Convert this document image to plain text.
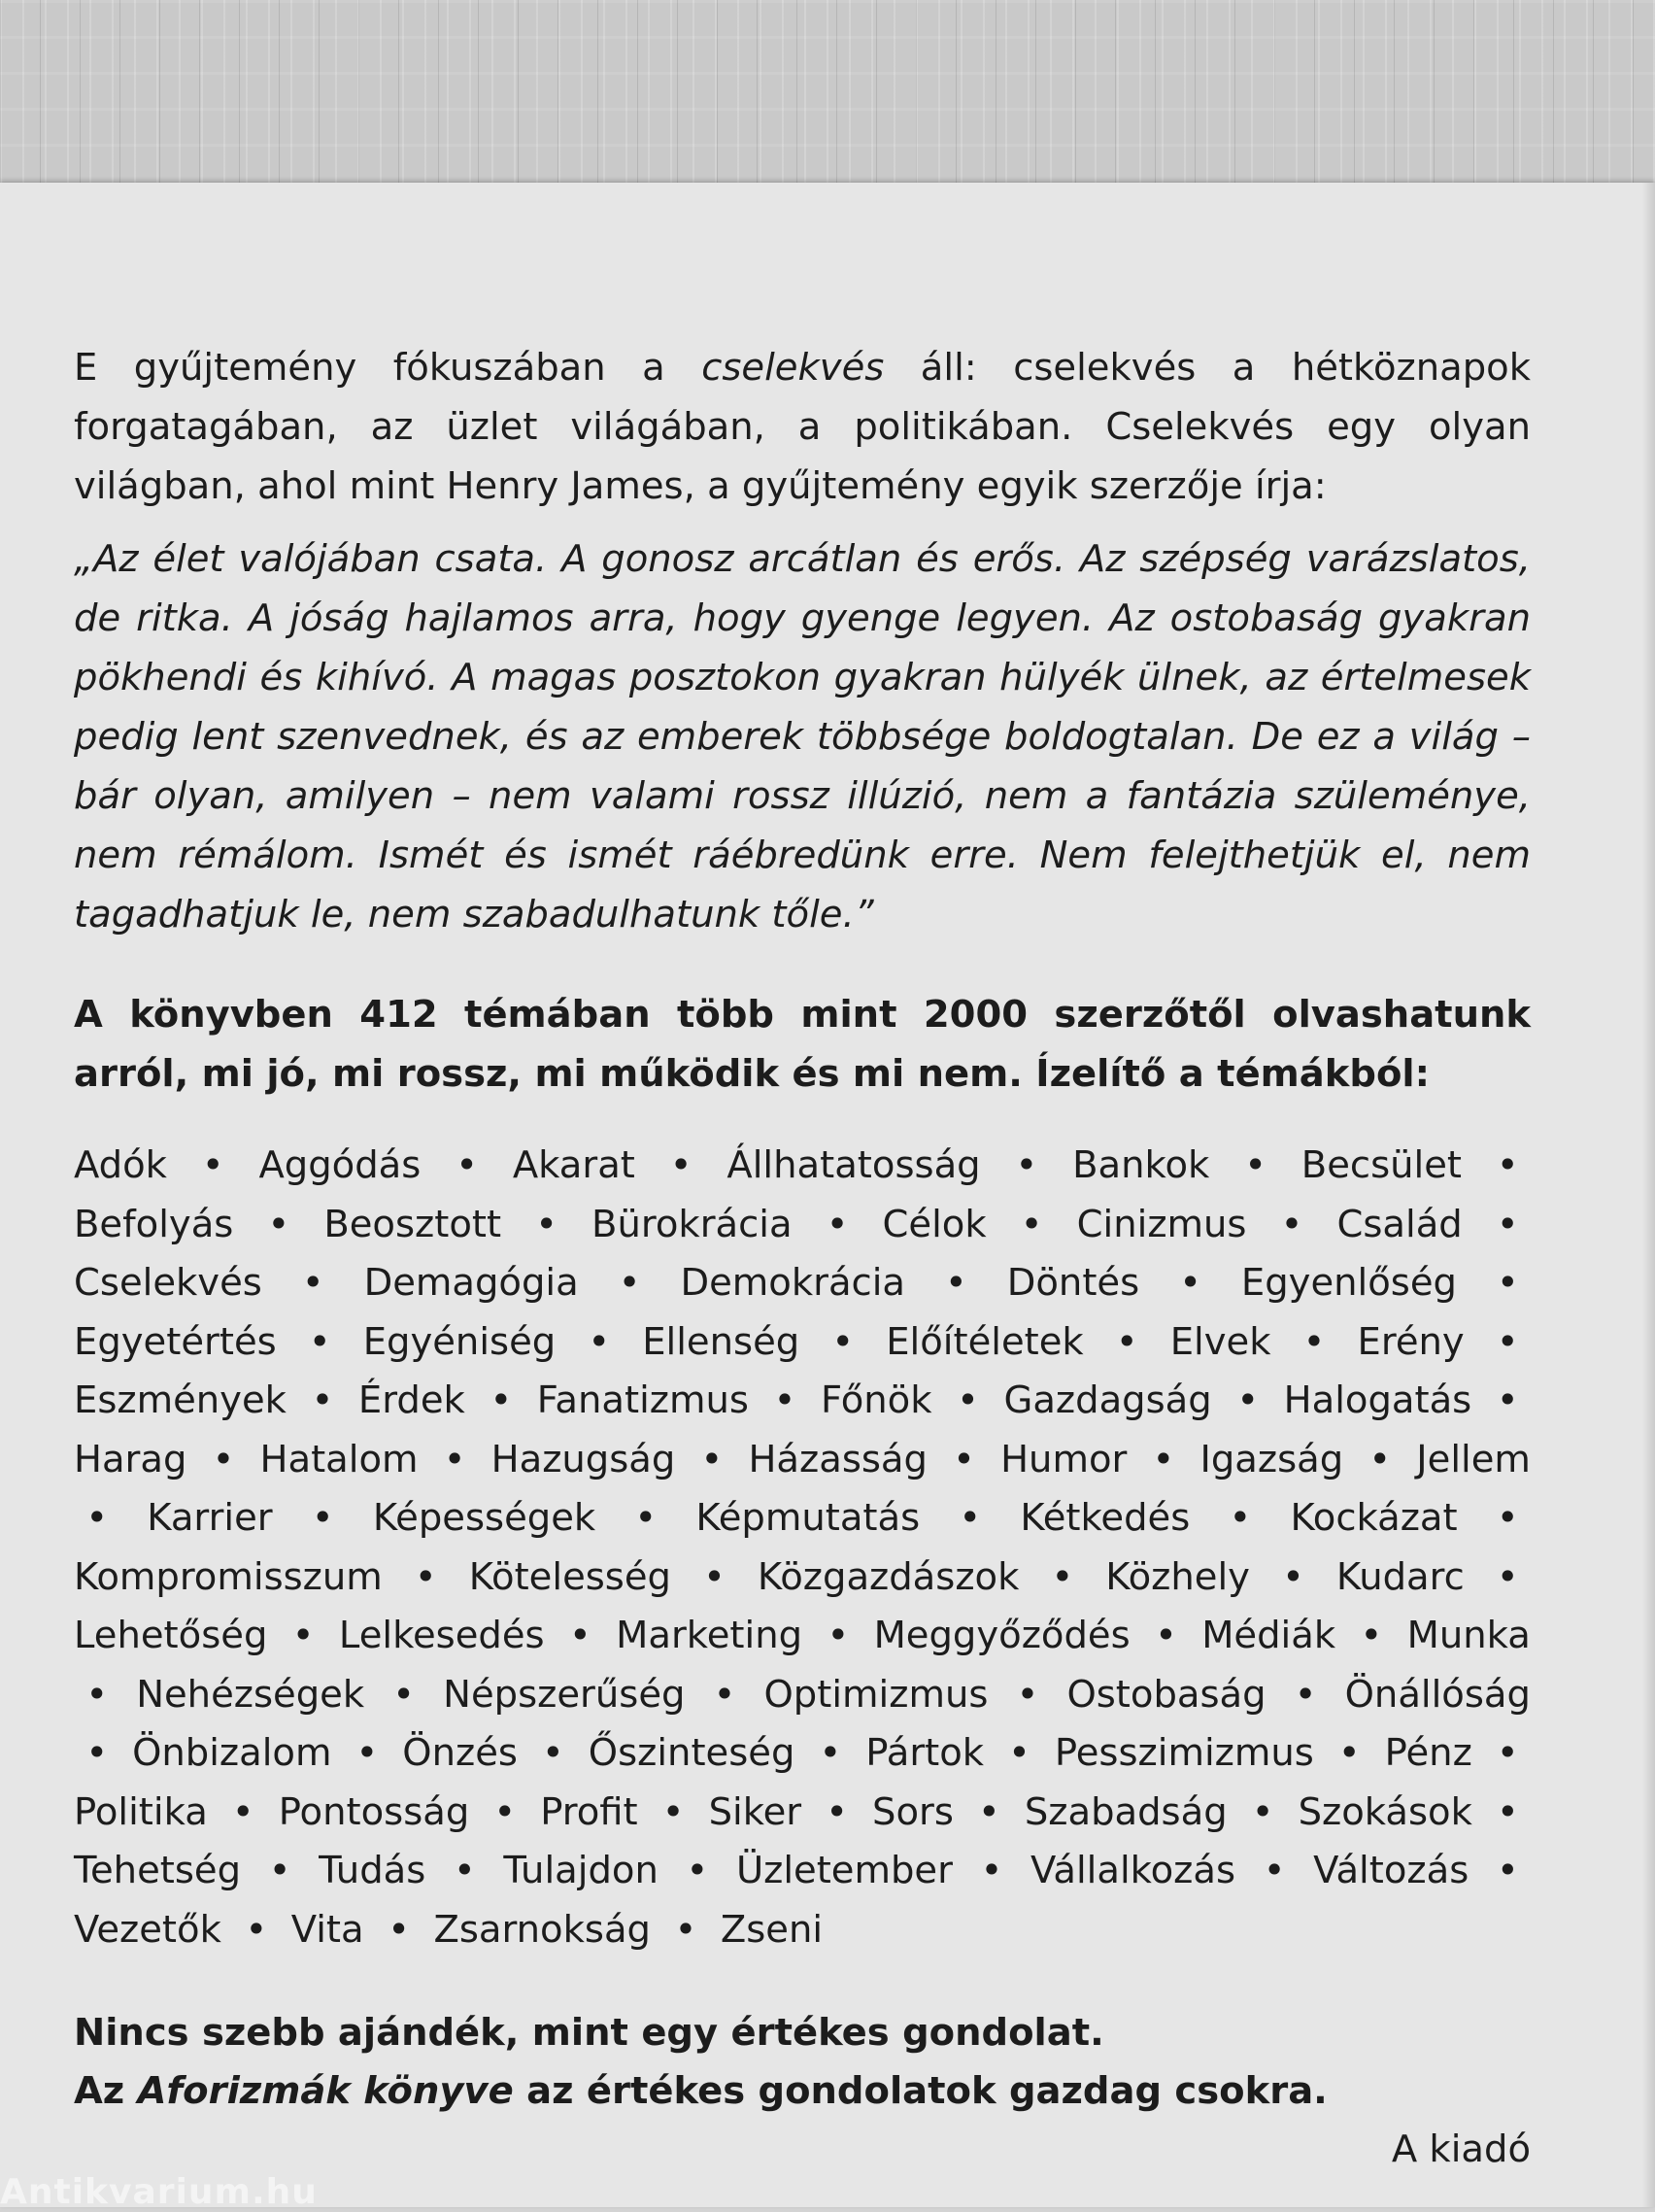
E gyűjtemény fókuszában a cselekvés áll: cselekvés a hétköznapok forgatagában, az üzlet világában, a politikában. Cselekvés egy olyan világban, ahol mint Henry James, a gyűjtemény egyik szerzője írja:

„Az élet valójában csata. A gonosz arcátlan és erős. Az szépség varázslatos, de ritka. A jóság hajlamos arra, hogy gyenge legyen. Az ostobaság gyakran pökhendi és kihívó. A magas posztokon gyakran hülyék ülnek, az értelmesek pedig lent szenvednek, és az emberek többsége boldogtalan. De ez a világ – bár olyan, amilyen – nem valami rossz illúzió, nem a fantázia szüleménye, nem rémálom. Ismét és ismét ráébredünk erre. Nem felejthetjük el, nem tagadhatjuk le, nem szabadulhatunk tőle.”

A könyvben 412 témában több mint 2000 szerzőtől olvashatunk arról, mi jó, mi rossz, mi működik és mi nem. Ízelítő a témákból:

Adók • Aggódás • Akarat • Állhatatosság • Bankok • Becsület • Befolyás • Beosztott • Bürokrácia • Célok • Cinizmus • Család • Cselekvés • Demagógia • Demokrácia • Döntés • Egyenlőség • Egyetértés • Egyéniség • Ellenség • Előítéletek • Elvek • Erény • Eszmények • Érdek • Fanatizmus • Főnök • Gazdagság • Halogatás • Harag • Hatalom • Hazugság • Házasság • Humor • Igazság • Jellem • Karrier • Képességek • Képmutatás • Kétkedés • Kockázat • Kompromisszum • Kötelesség • Közgazdászok • Közhely • Kudarc • Lehetőség • Lelkesedés • Marketing • Meggyőződés • Médiák • Munka • Nehézségek • Népszerűség • Optimizmus • Ostobaság • Önállóság • Önbizalom • Önzés • Őszinteség • Pártok • Pesszimizmus • Pénz • Politika • Pontosság • Profit • Siker • Sors • Szabadság • Szokások • Tehetség • Tudás • Tulajdon • Üzletember • Vállalkozás • Változás • Vezetők • Vita • Zsarnokság • Zseni

Nincs szebb ajándék, mint egy értékes gondolat.

Az Aforizmák könyve az értékes gondolatok gazdag csokra.

A kiadó
Antikvarium.hu
